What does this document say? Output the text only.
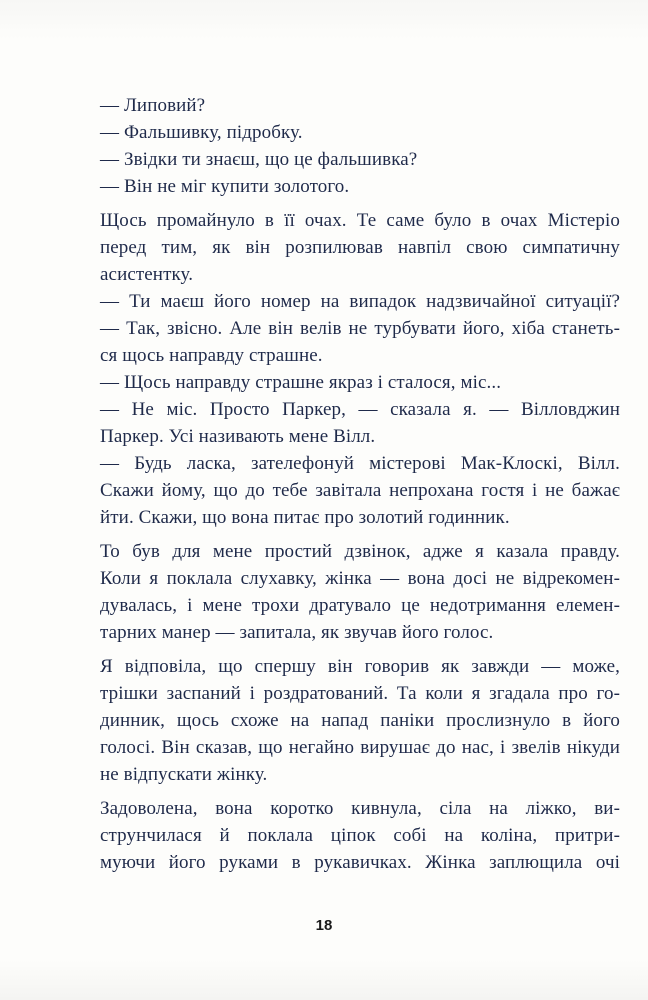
— Липовий?
— Фальшивку, підробку.
— Звідки ти знаєш, що це фальшивка?
— Він не міг купити золотого.
Щось промайнуло в її очах. Те саме було в очах Містеріо
перед тим, як він розпилював навпіл свою симпатичну
асистентку.
— Ти маєш його номер на випадок надзвичайної ситуації?
— Так, звісно. Але він велів не турбувати його, хіба станеть-
ся щось направду страшне.
— Щось направду страшне якраз і сталося, міс...
— Не міс. Просто Паркер, — сказала я. — Вілловджин
Паркер. Усі називають мене Вілл.
— Будь ласка, зателефонуй містерові Мак-Клоскі, Вілл.
Скажи йому, що до тебе завітала непрохана гостя і не бажає
йти. Скажи, що вона питає про золотий годинник.
То був для мене простий дзвінок, адже я казала правду.
Коли я поклала слухавку, жінка — вона досі не відрекомен-
дувалась, і мене трохи дратувало це недотримання елемен-
тарних манер — запитала, як звучав його голос.
Я відповіла, що спершу він говорив як завжди — може,
трішки заспаний і роздратований. Та коли я згадала про го-
динник, щось схоже на напад паніки прослизнуло в його
голосі. Він сказав, що негайно вирушає до нас, і звелів нікуди
не відпускати жінку.
Задоволена, вона коротко кивнула, сіла на ліжко, ви-
струнчилася й поклала ціпок собі на коліна, притри-
муючи його руками в рукавичках. Жінка заплющила очі
18
